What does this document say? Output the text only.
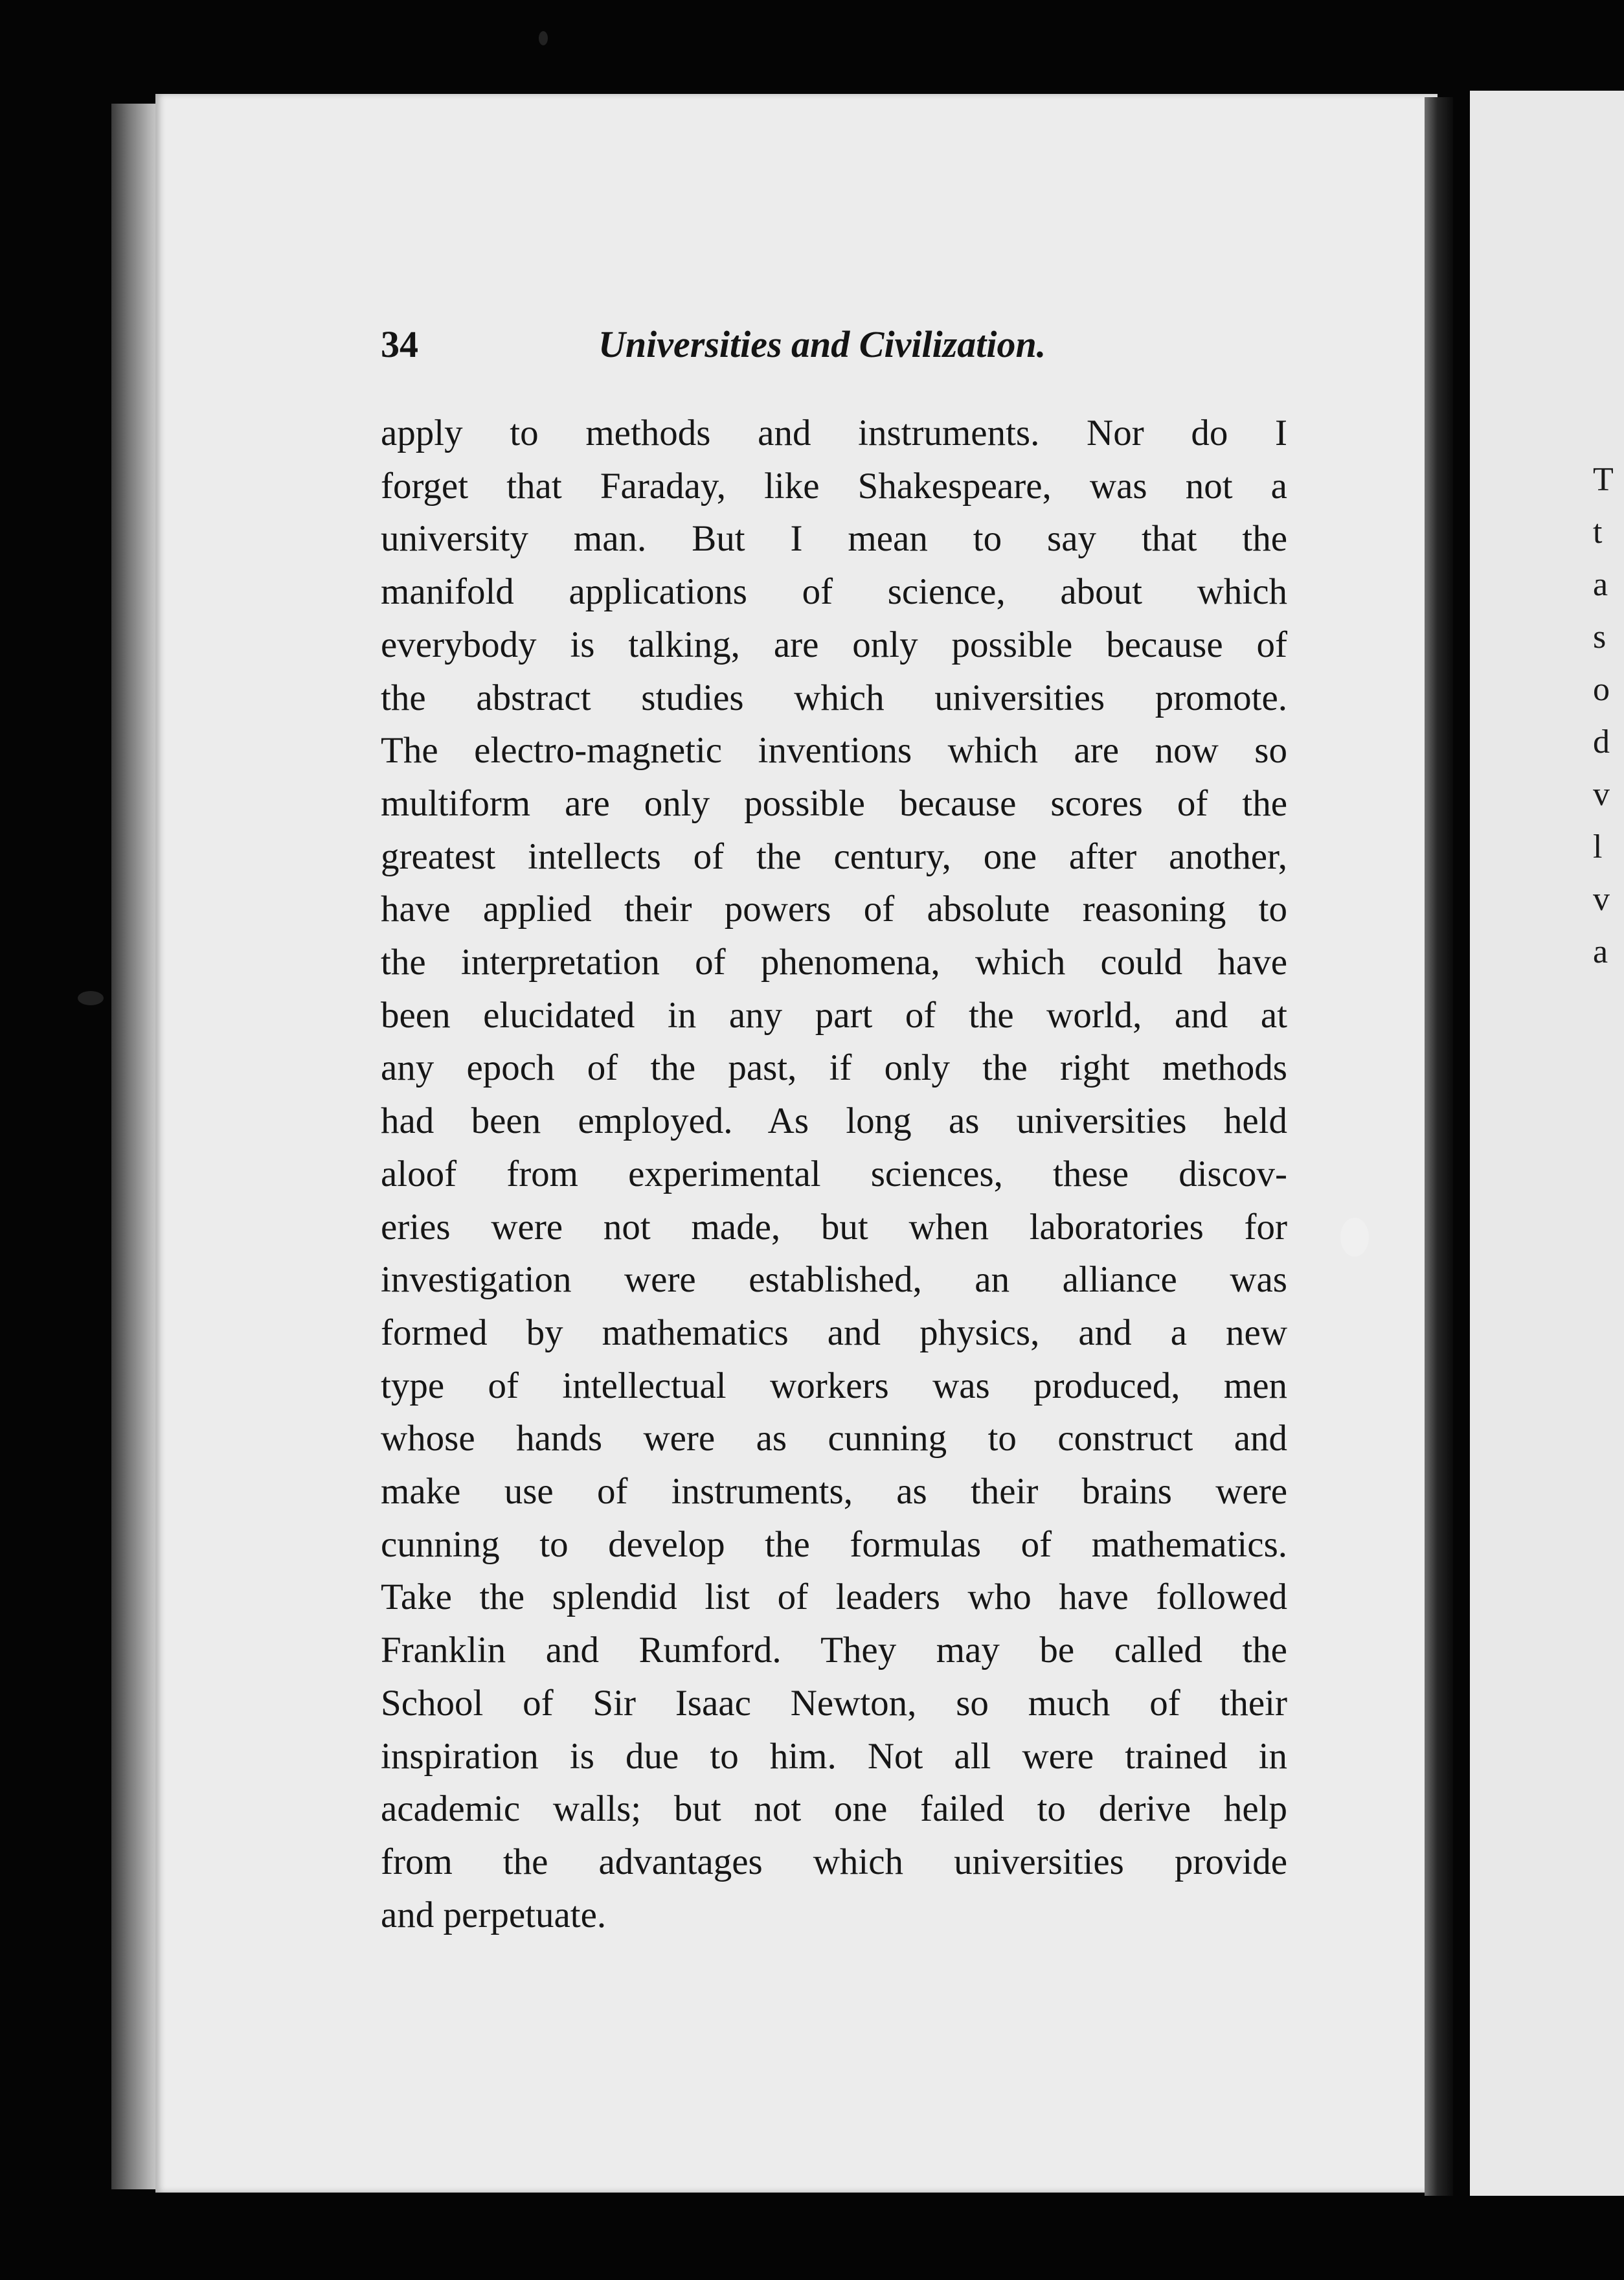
T
t
a
s
o
d
v
l
v
a
34	Universities and Civilization.
apply to methods and instruments. Nor do I
forget that Faraday, like Shakespeare, was not a
university man. But I mean to say that the
manifold applications of science, about which
everybody is talking, are only possible because of
the abstract studies which universities promote.
The electro-magnetic inventions which are now so
multiform are only possible because scores of the
greatest intellects of the century, one after another,
have applied their powers of absolute reasoning to
the interpretation of phenomena, which could have
been elucidated in any part of the world, and at
any epoch of the past, if only the right methods
had been employed. As long as universities held
aloof from experimental sciences, these discov-
eries were not made, but when laboratories for
investigation were established, an alliance was
formed by mathematics and physics, and a new
type of intellectual workers was produced, men
whose hands were as cunning to construct and
make use of instruments, as their brains were
cunning to develop the formulas of mathematics.
Take the splendid list of leaders who have followed
Franklin and Rumford. They may be called the
School of Sir Isaac Newton, so much of their
inspiration is due to him. Not all were trained in
academic walls; but not one failed to derive help
from the advantages which universities provide
and perpetuate.
